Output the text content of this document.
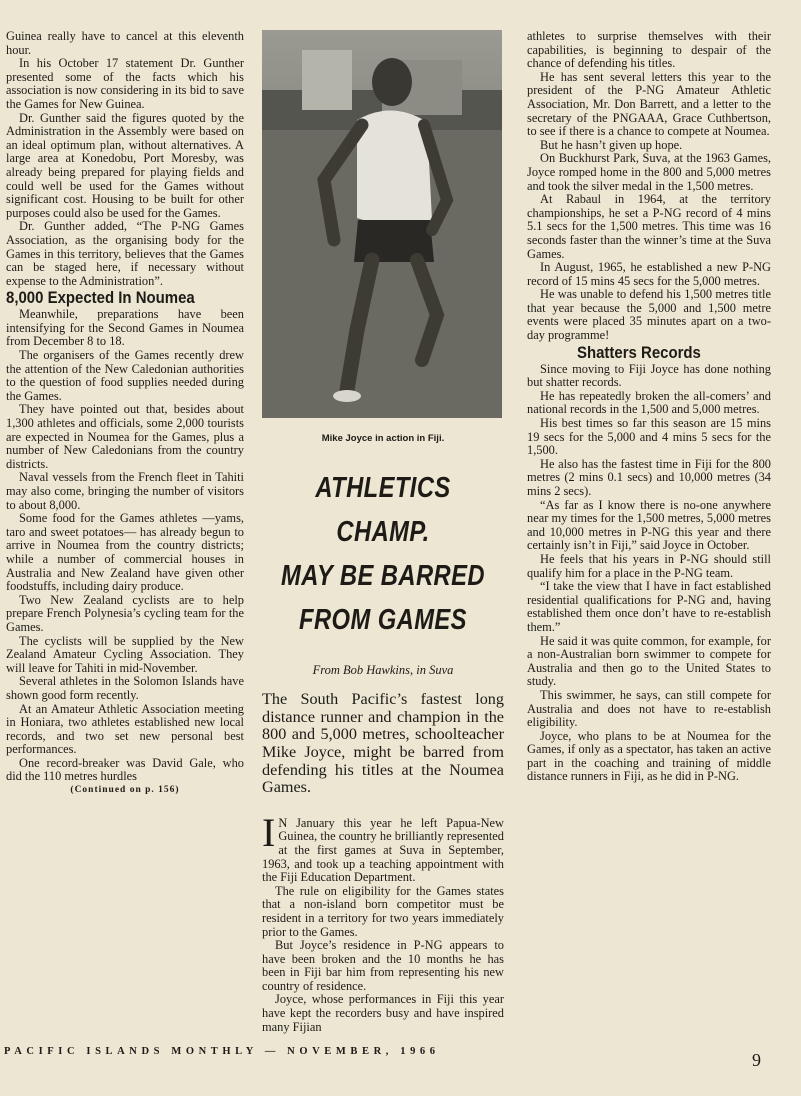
Guinea really have to cancel at this eleventh hour.

In his October 17 statement Dr. Gunther presented some of the facts which his association is now considering in its bid to save the Games for New Guinea.

Dr. Gunther said the figures quoted by the Administration in the Assembly were based on an ideal optimum plan, without alternatives. A large area at Konedobu, Port Moresby, was already being prepared for playing fields and could well be used for the Games without significant cost. Housing to be built for other purposes could also be used for the Games.

Dr. Gunther added, “The P-NG Games Association, as the organising body for the Games in this territory, believes that the Games can be staged here, if necessary without expense to the Administration”.

8,000 Expected In Noumea

Meanwhile, preparations have been intensifying for the Second Games in Noumea from December 8 to 18.

The organisers of the Games recently drew the attention of the New Caledonian authorities to the question of food supplies needed during the Games.

They have pointed out that, besides about 1,300 athletes and officials, some 2,000 tourists are expected in Noumea for the Games, plus a number of New Caledonians from the country districts.

Naval vessels from the French fleet in Tahiti may also come, bringing the number of visitors to about 8,000.

Some food for the Games athletes —yams, taro and sweet potatoes— has already begun to arrive in Noumea from the country districts; while a number of commercial houses in Australia and New Zealand have given other foodstuffs, including dairy produce.

Two New Zealand cyclists are to help prepare French Polynesia’s cycling team for the Games.

The cyclists will be supplied by the New Zealand Amateur Cycling Association. They will leave for Tahiti in mid-November.

Several athletes in the Solomon Islands have shown good form recently.

At an Amateur Athletic Association meeting in Honiara, two athletes established new local records, and two set new personal best performances.

One record-breaker was David Gale, who did the 110 metres hurdles

(Continued on p. 156)

Mike Joyce in action in Fiji.
ATHLETICS CHAMP.
MAY BE BARRED
FROM GAMES
From Bob Hawkins, in Suva
The South Pacific’s fastest long distance runner and champion in the 800 and 5,000 metres, schoolteacher Mike Joyce, might be barred from defending his titles at the Noumea Games.

I N January this year he left Papua-New Guinea, the country he brilliantly represented at the first games at Suva in September, 1963, and took up a teaching appointment with the Fiji Education Department.

The rule on eligibility for the Games states that a non-island born competitor must be resident in a territory for two years immediately prior to the Games.

But Joyce’s residence in P-NG appears to have been broken and the 10 months he has been in Fiji bar him from representing his new country of residence.

Joyce, whose performances in Fiji this year have kept the recorders busy and have inspired many Fijian

athletes to surprise themselves with their capabilities, is beginning to despair of the chance of defending his titles.

He has sent several letters this year to the president of the P-NG Amateur Athletic Association, Mr. Don Barrett, and a letter to the secretary of the PNGAAA, Grace Cuthbertson, to see if there is a chance to compete at Noumea.

But he hasn’t given up hope.

On Buckhurst Park, Suva, at the 1963 Games, Joyce romped home in the 800 and 5,000 metres and took the silver medal in the 1,500 metres.

At Rabaul in 1964, at the territory championships, he set a P-NG record of 4 mins 5.1 secs for the 1,500 metres. This time was 16 seconds faster than the winner’s time at the Suva Games.

In August, 1965, he established a new P-NG record of 15 mins 45 secs for the 5,000 metres.

He was unable to defend his 1,500 metres title that year because the 5,000 and 1,500 metre events were placed 35 minutes apart on a two-day programme!

Shatters Records

Since moving to Fiji Joyce has done nothing but shatter records.

He has repeatedly broken the all-comers’ and national records in the 1,500 and 5,000 metres.

His best times so far this season are 15 mins 19 secs for the 5,000 and 4 mins 5 secs for the 1,500.

He also has the fastest time in Fiji for the 800 metres (2 mins 0.1 secs) and 10,000 metres (34 mins 2 secs).

“As far as I know there is no-one anywhere near my times for the 1,500 metres, 5,000 metres and 10,000 metres in P-NG this year and there certainly isn’t in Fiji,” said Joyce in October.

He feels that his years in P-NG should still qualify him for a place in the P-NG team.

“I take the view that I have in fact established residential qualifications for P-NG and, having established them once don’t have to re-establish them.”

He said it was quite common, for example, for a non-Australian born swimmer to compete for Australia and then go to the United States to study.

This swimmer, he says, can still compete for Australia and does not have to re-establish eligibility.

Joyce, who plans to be at Noumea for the Games, if only as a spectator, has taken an active part in the coaching and training of middle distance runners in Fiji, as he did in P-NG.

PACIFIC ISLANDS MONTHLY — NOVEMBER, 1966	9
